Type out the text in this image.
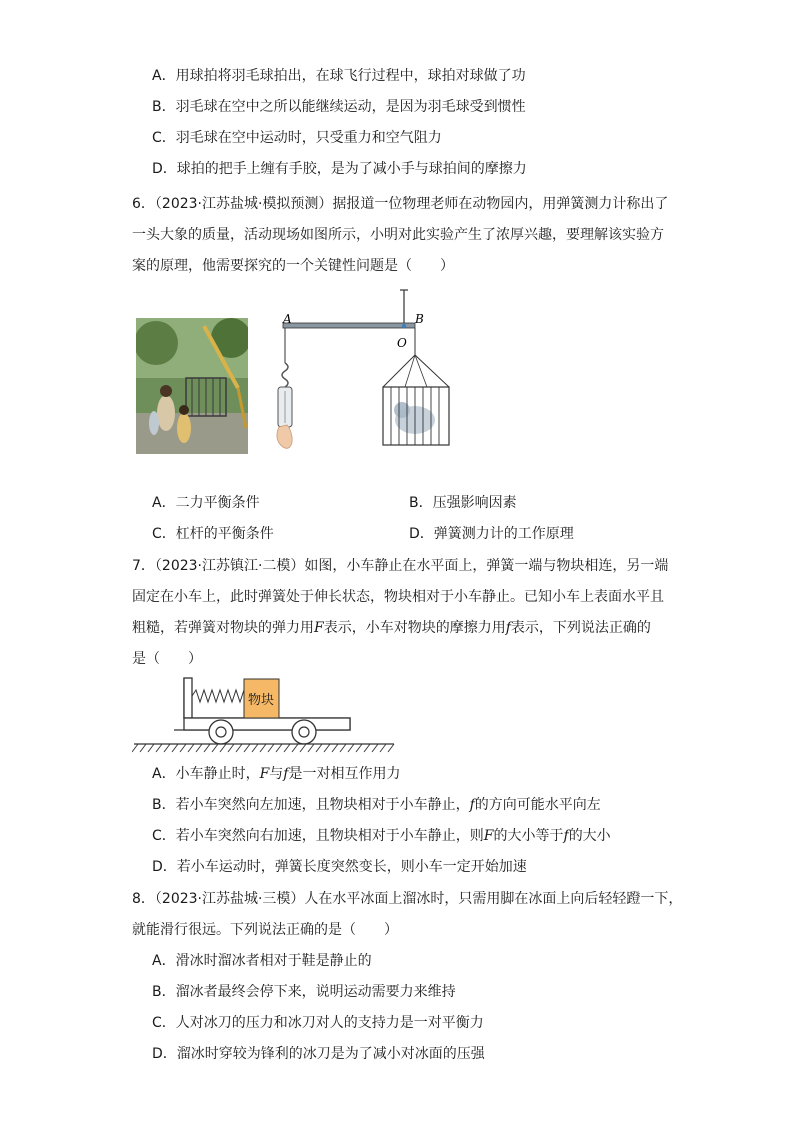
A．用球拍将羽毛球拍出，在球飞行过程中，球拍对球做了功
B．羽毛球在空中之所以能继续运动，是因为羽毛球受到惯性
C．羽毛球在空中运动时，只受重力和空气阻力
D．球拍的把手上缠有手胶，是为了减小手与球拍间的摩擦力
6．（2023·江苏盐城·模拟预测）据报道一位物理老师在动物园内，用弹簧测力计称出了
一头大象的质量，活动现场如图所示，小明对此实验产生了浓厚兴趣，要理解该实验方
案的原理，他需要探究的一个关键性问题是（　　）
A	B
O
A．二力平衡条件	B．压强影响因素
C．杠杆的平衡条件	D．弹簧测力计的工作原理
7．（2023·江苏镇江·二模）如图，小车静止在水平面上，弹簧一端与物块相连，另一端
固定在小车上，此时弹簧处于伸长状态，物块相对于小车静止。已知小车上表面水平且
粗糙，若弹簧对物块的弹力用F表示，小车对物块的摩擦力用f表示，下列说法正确的
是（　　）
物块
A．小车静止时，F与f是一对相互作用力
B．若小车突然向左加速，且物块相对于小车静止，f的方向可能水平向左
C．若小车突然向右加速，且物块相对于小车静止，则F的大小等于f的大小
D．若小车运动时，弹簧长度突然变长，则小车一定开始加速
8．（2023·江苏盐城·三模）人在水平冰面上溜冰时，只需用脚在冰面上向后轻轻蹬一下，
就能滑行很远。下列说法正确的是（　　）
A．滑冰时溜冰者相对于鞋是静止的
B．溜冰者最终会停下来，说明运动需要力来维持
C．人对冰刀的压力和冰刀对人的支持力是一对平衡力
D．溜冰时穿较为锋利的冰刀是为了减小对冰面的压强
